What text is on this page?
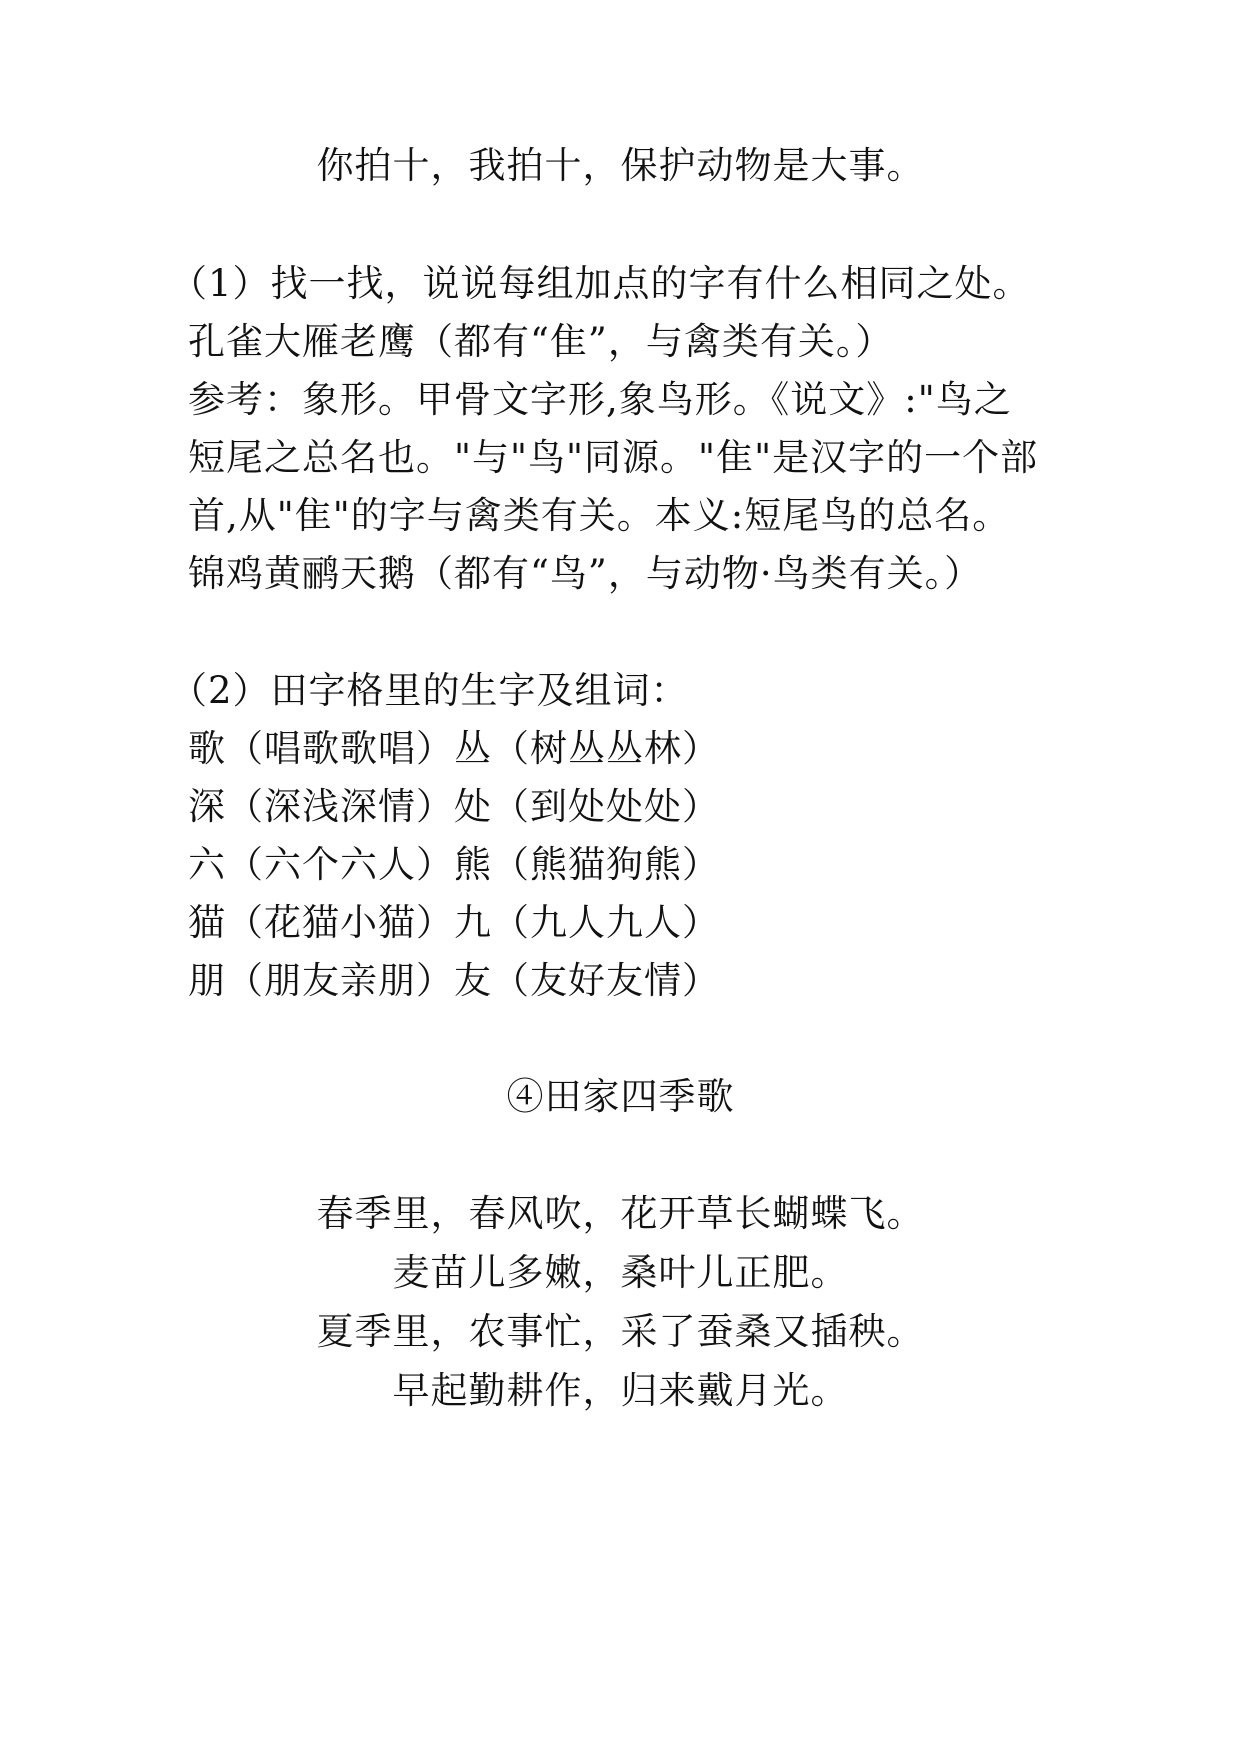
你拍十，我拍十，保护动物是大事。
（1）找一找，说说每组加点的字有什么相同之处。
孔雀大雁老鹰（都有“隹”，与禽类有关。）
参考：象形。甲骨文字形,象鸟形。《说文》:"鸟之
短尾之总名也。"与"鸟"同源。"隹"是汉字的一个部
首,从"隹"的字与禽类有关。本义:短尾鸟的总名。
锦鸡黄鹂天鹅（都有“鸟”，与动物·鸟类有关。）
（2）田字格里的生字及组词：
歌（唱歌歌唱）丛（树丛丛林）
深（深浅深情）处（到处处处）
六（六个六人）熊（熊猫狗熊）
猫（花猫小猫）九（九人九人）
朋（朋友亲朋）友（友好友情）
④田家四季歌
春季里，春风吹，花开草长蝴蝶飞。
麦苗儿多嫩，桑叶儿正肥。
夏季里，农事忙，采了蚕桑又插秧。
早起勤耕作，归来戴月光。
